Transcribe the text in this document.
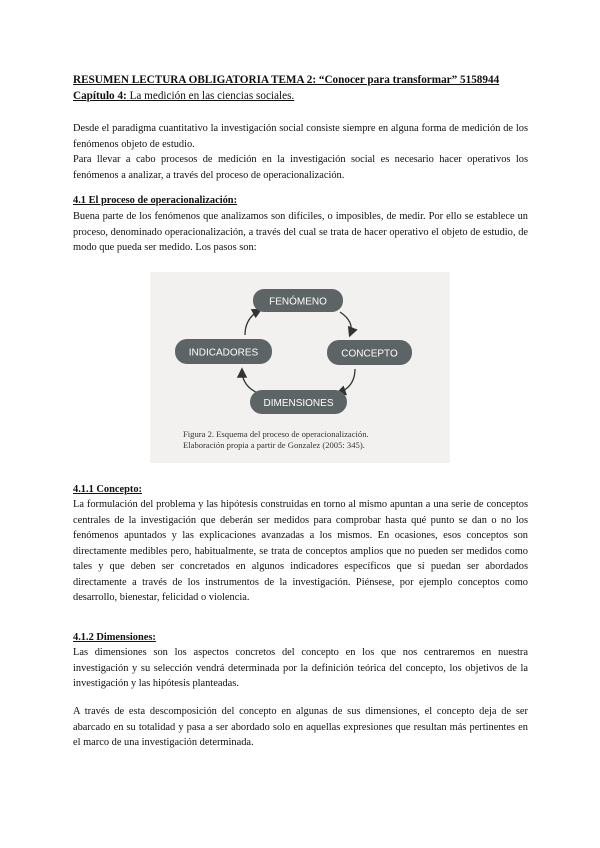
RESUMEN LECTURA OBLIGATORIA TEMA 2: “Conocer para transformar” 5158944

Capítulo 4: La medición en las ciencias sociales.

Desde el paradigma cuantitativo la investigación social consiste siempre en alguna forma de medición de los fenómenos objeto de estudio.

Para llevar a cabo procesos de medición en la investigación social es necesario hacer operativos los fenómenos a analizar, a través del proceso de operacionalización.

4.1 El proceso de operacionalización:

Buena parte de los fenómenos que analizamos son difíciles, o imposibles, de medir. Por ello se establece un proceso, denominado operacionalización, a través del cual se trata de hacer operativo el objeto de estudio, de modo que pueda ser medido. Los pasos son:

FENÓMENO
CONCEPTO
INDICADORES
DIMENSIONES
Figura 2. Esquema del proceso de operacionalización.
Elaboración propia a partir de Gonzalez (2005: 345).

4.1.1 Concepto:

La formulación del problema y las hipótesis construidas en torno al mismo apuntan a una serie de conceptos centrales de la investigación que deberán ser medidos para comprobar hasta qué punto se dan o no los fenómenos apuntados y las explicaciones avanzadas a los mismos. En ocasiones, esos conceptos son directamente medibles pero, habitualmente, se trata de conceptos amplios que no pueden ser medidos como tales y que deben ser concretados en algunos indicadores específicos que sí puedan ser abordados directamente a través de los instrumentos de la investigación. Piénsese, por ejemplo conceptos como desarrollo, bienestar, felicidad o violencia.

4.1.2 Dimensiones:

Las dimensiones son los aspectos concretos del concepto en los que nos centraremos en nuestra investigación y su selección vendrá determinada por la definición teórica del concepto, los objetivos de la investigación y las hipótesis planteadas.

A través de esta descomposición del concepto en algunas de sus dimensiones, el concepto deja de ser abarcado en su totalidad y pasa a ser abordado solo en aquellas expresiones que resultan más pertinentes en el marco de una investigación determinada.
